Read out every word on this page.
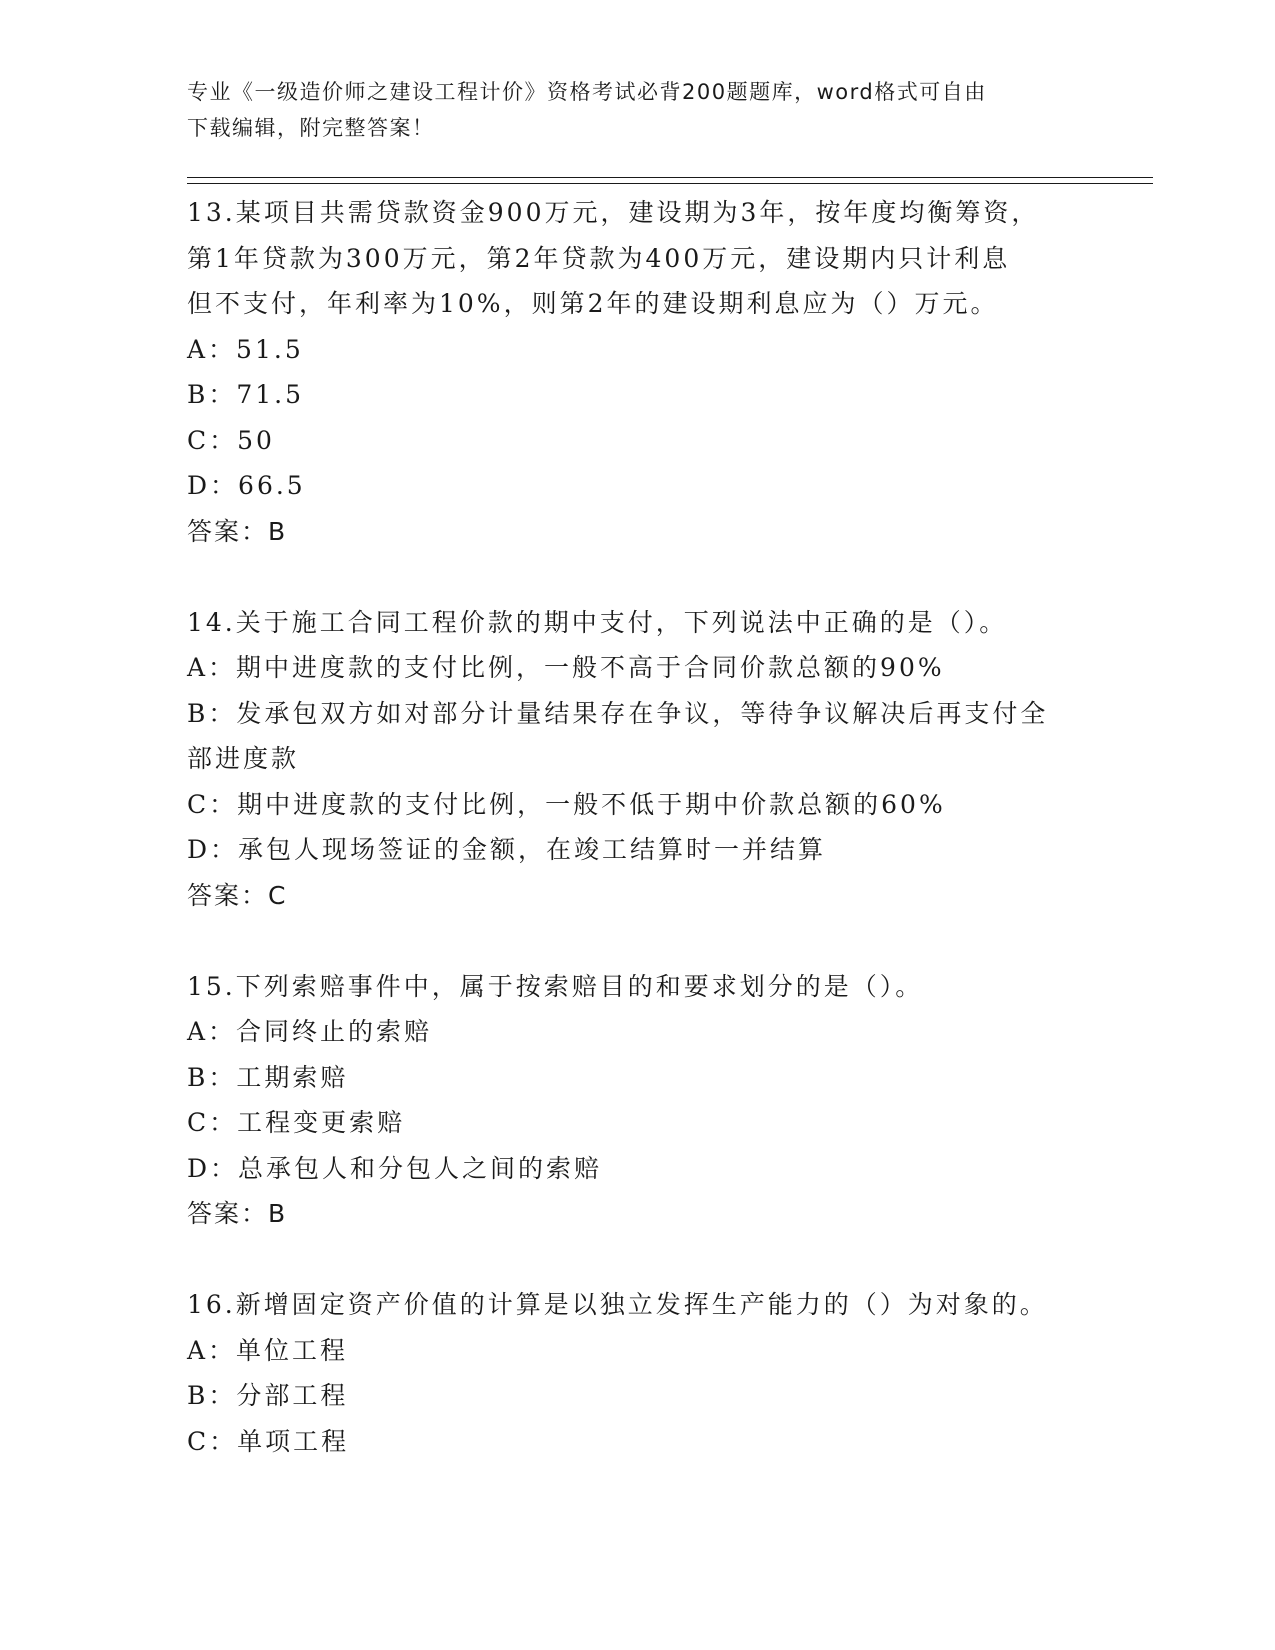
专业《一级造价师之建设工程计价》资格考试必背200题题库，word格式可自由
下载编辑，附完整答案！
13.某项目共需贷款资金900万元，建设期为3年，按年度均衡筹资，
第1年贷款为300万元，第2年贷款为400万元，建设期内只计利息
但不支付，年利率为10%，则第2年的建设期利息应为（）万元。
A：51.5
B：71.5
C：50
D：66.5
答案：B
14.关于施工合同工程价款的期中支付，下列说法中正确的是（）。
A：期中进度款的支付比例，一般不高于合同价款总额的90%
B：发承包双方如对部分计量结果存在争议，等待争议解决后再支付全
部进度款
C：期中进度款的支付比例，一般不低于期中价款总额的60%
D：承包人现场签证的金额，在竣工结算时一并结算
答案：C
15.下列索赔事件中，属于按索赔目的和要求划分的是（）。
A：合同终止的索赔
B：工期索赔
C：工程变更索赔
D：总承包人和分包人之间的索赔
答案：B
16.新增固定资产价值的计算是以独立发挥生产能力的（）为对象的。
A：单位工程
B：分部工程
C：单项工程
